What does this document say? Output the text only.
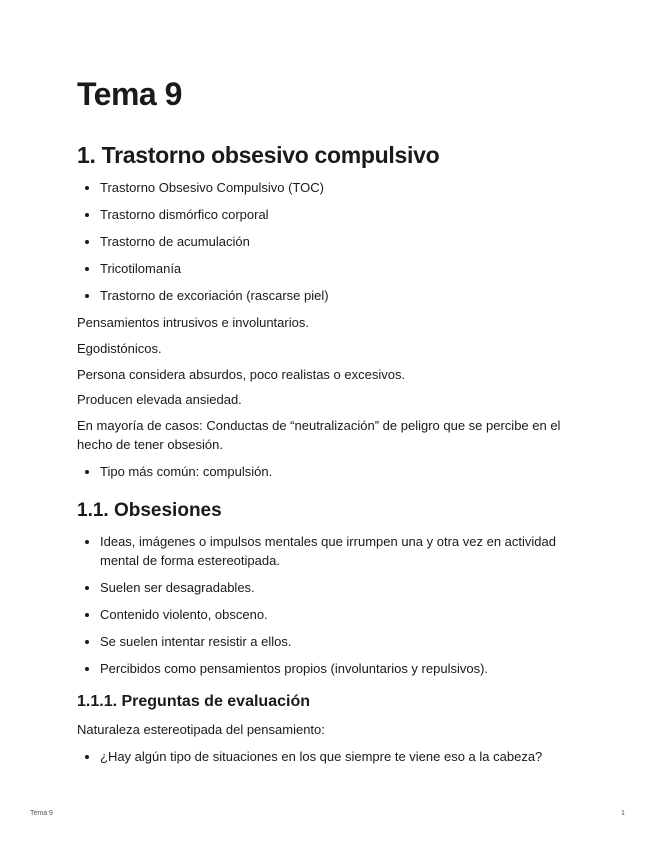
Tema 9
1. Trastorno obsesivo compulsivo
Trastorno Obsesivo Compulsivo (TOC)
Trastorno dismórfico corporal
Trastorno de acumulación
Tricotilomanía
Trastorno de excoriación (rascarse piel)

Pensamientos intrusivos e involuntarios.

Egodistónicos.

Persona considera absurdos, poco realistas o excesivos.

Producen elevada ansiedad.

En mayoría de casos: Conductas de “neutralización” de peligro que se percibe en el hecho de tener obsesión.

Tipo más común: compulsión.
1.1. Obsesiones
Ideas, imágenes o impulsos mentales que irrumpen una y otra vez en actividad mental de forma estereotipada.
Suelen ser desagradables.
Contenido violento, obsceno.
Se suelen intentar resistir a ellos.
Percibidos como pensamientos propios (involuntarios y repulsivos).
1.1.1. Preguntas de evaluación

Naturaleza estereotipada del pensamiento:

¿Hay algún tipo de situaciones en los que siempre te viene eso a la cabeza?
Tema 9	1
